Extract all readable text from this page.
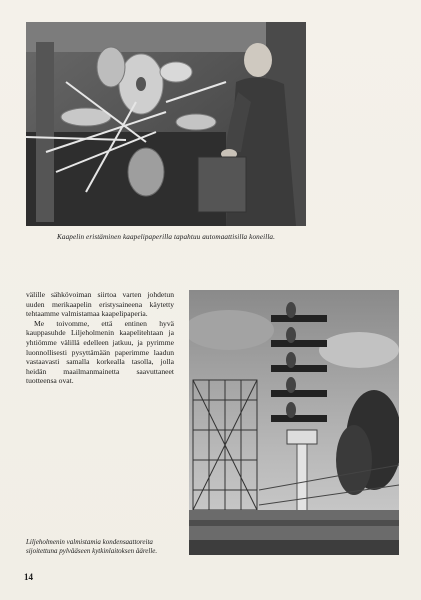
Kaapelin eristäminen kaapelipaperilla tapahtuu automaattisilla koneilla.

välille sähkövoiman siirtoa varten johdetun uuden merikaapelin eristysaineena käytetty tehtaamme valmistamaa kaapelipaperia.

Me toivomme, että entinen hyvä kauppasuhde Liljeholmenin kaapelitehtaan ja yhtiömme välillä edelleen jatkuu, ja pyrimme luonnollisesti pysyttämään paperimme laadun vastaavasti samalla korkealla tasolla, jolla heidän maailmanmainetta saavuttaneet tuotteensa ovat.

Liljeholmenin valmistamia kondensaattoreita sijoitettuna pylvääseen kytkinlaitoksen äärelle.
14
